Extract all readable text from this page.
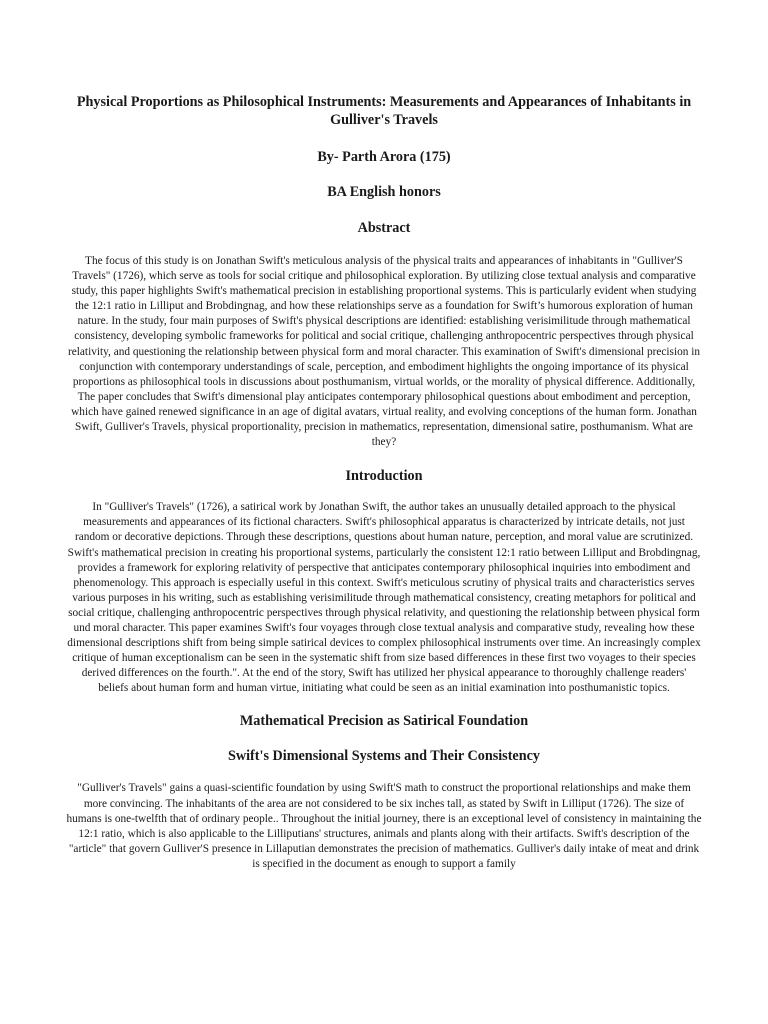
Physical Proportions as Philosophical Instruments: Measurements and Appearances of Inhabitants in Gulliver's Travels

By- Parth Arora (175)

BA English honors

Abstract

The focus of this study is on Jonathan Swift's meticulous analysis of the physical traits and appearances of inhabitants in "Gulliver'S Travels" (1726), which serve as tools for social critique and philosophical exploration. By utilizing close textual analysis and comparative study, this paper highlights Swift's mathematical precision in establishing proportional systems. This is particularly evident when studying the 12:1 ratio in Lilliput and Brobdingnag, and how these relationships serve as a foundation for Swift’s humorous exploration of human nature. In the study, four main purposes of Swift's physical descriptions are identified: establishing verisimilitude through mathematical consistency, developing symbolic frameworks for political and social critique, challenging anthropocentric perspectives through physical relativity, and questioning the relationship between physical form and moral character. This examination of Swift's dimensional precision in conjunction with contemporary understandings of scale, perception, and embodiment highlights the ongoing importance of its physical proportions as philosophical tools in discussions about posthumanism, virtual worlds, or the morality of physical difference. Additionally, The paper concludes that Swift's dimensional play anticipates contemporary philosophical questions about embodiment and perception, which have gained renewed significance in an age of digital avatars, virtual reality, and evolving conceptions of the human form. Jonathan Swift, Gulliver's Travels, physical proportionality, precision in mathematics, representation, dimensional satire, posthumanism. What are they?

Introduction

In "Gulliver's Travels" (1726), a satirical work by Jonathan Swift, the author takes an unusually detailed approach to the physical measurements and appearances of its fictional characters. Swift's philosophical apparatus is characterized by intricate details, not just random or decorative depictions. Through these descriptions, questions about human nature, perception, and moral value are scrutinized. Swift's mathematical precision in creating his proportional systems, particularly the consistent 12:1 ratio between Lilliput and Brobdingnag, provides a framework for exploring relativity of perspective that anticipates contemporary philosophical inquiries into embodiment and phenomenology. This approach is especially useful in this context. Swift's meticulous scrutiny of physical traits and characteristics serves various purposes in his writing, such as establishing verisimilitude through mathematical consistency, creating metaphors for political and social critique, challenging anthropocentric perspectives through physical relativity, and questioning the relationship between physical form und moral character. This paper examines Swift's four voyages through close textual analysis and comparative study, revealing how these dimensional descriptions shift from being simple satirical devices to complex philosophical instruments over time. An increasingly complex critique of human exceptionalism can be seen in the systematic shift from size based differences in these first two voyages to their species derived differences on the fourth.". At the end of the story, Swift has utilized her physical appearance to thoroughly challenge readers' beliefs about human form and human virtue, initiating what could be seen as an initial examination into posthumanistic topics.

Mathematical Precision as Satirical Foundation
Swift's Dimensional Systems and Their Consistency

"Gulliver's Travels" gains a quasi-scientific foundation by using Swift'S math to construct the proportional relationships and make them more convincing. The inhabitants of the area are not considered to be six inches tall, as stated by Swift in Lilliput (1726). The size of humans is one-twelfth that of ordinary people.. Throughout the initial journey, there is an exceptional level of consistency in maintaining the 12:1 ratio, which is also applicable to the Lilliputians' structures, animals and plants along with their artifacts. Swift's description of the "article" that govern Gulliver'S presence in Lillaputian demonstrates the precision of mathematics. Gulliver's daily intake of meat and drink is specified in the document as enough to support a family
